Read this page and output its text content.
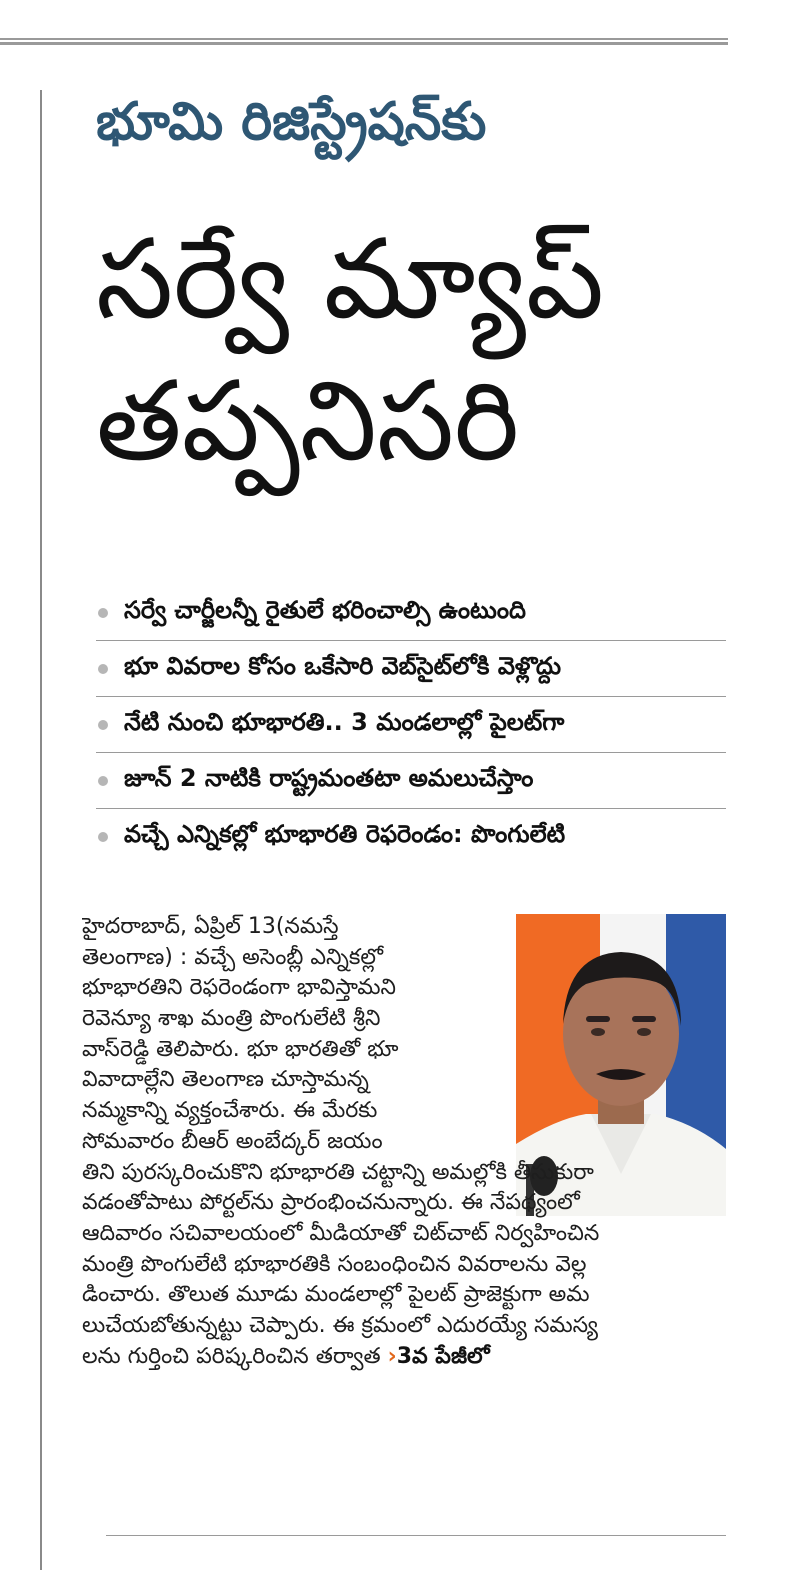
భూమి రిజిస్ట్రేషన్‌కు
సర్వే మ్యాప్
తప్పనిసరి
సర్వే చార్జీలన్నీ రైతులే భరించాల్సి ఉంటుంది
భూ వివరాల కోసం ఒకేసారి వెబ్‌సైట్‌లోకి వెళ్లొద్దు
నేటి నుంచి భూభారతి.. 3 మండలాల్లో పైలట్‌గా
జూన్ 2 నాటికి రాష్ట్రమంతటా అమలుచేస్తాం
వచ్చే ఎన్నికల్లో భూభారతి రెఫరెండం: పొంగులేటి
హైదరాబాద్, ఏప్రిల్ 13(నమస్తే
తెలంగాణ) : వచ్చే అసెంబ్లీ ఎన్నికల్లో
భూభారతిని రెఫరెండంగా భావిస్తామని
రెవెన్యూ శాఖ మంత్రి పొంగులేటి శ్రీని
వాస్‌రెడ్డి తెలిపారు. భూ భారతితో భూ
వివాదాల్లేని తెలంగాణ చూస్తామన్న
నమ్మకాన్ని వ్యక్తంచేశారు. ఈ మేరకు
సోమవారం బీఆర్ అంబేద్కర్ జయం
తిని పురస్కరించుకొని భూభారతి చట్టాన్ని అమల్లోకి తీసుకురా
వడంతోపాటు పోర్టల్‌ను ప్రారంభించనున్నారు. ఈ నేపథ్యంలో
ఆదివారం సచివాలయంలో మీడియాతో చిట్‌చాట్ నిర్వహించిన
మంత్రి పొంగులేటి భూభారతికి సంబంధించిన వివరాలను వెల్ల
డించారు. తొలుత మూడు మండలాల్లో పైలట్ ప్రాజెక్టుగా అమ
లుచేయబోతున్నట్టు చెప్పారు. ఈ క్రమంలో ఎదురయ్యే సమస్య
లను గుర్తించి పరిష్కరించిన తర్వాత ›3వ పేజీలో
